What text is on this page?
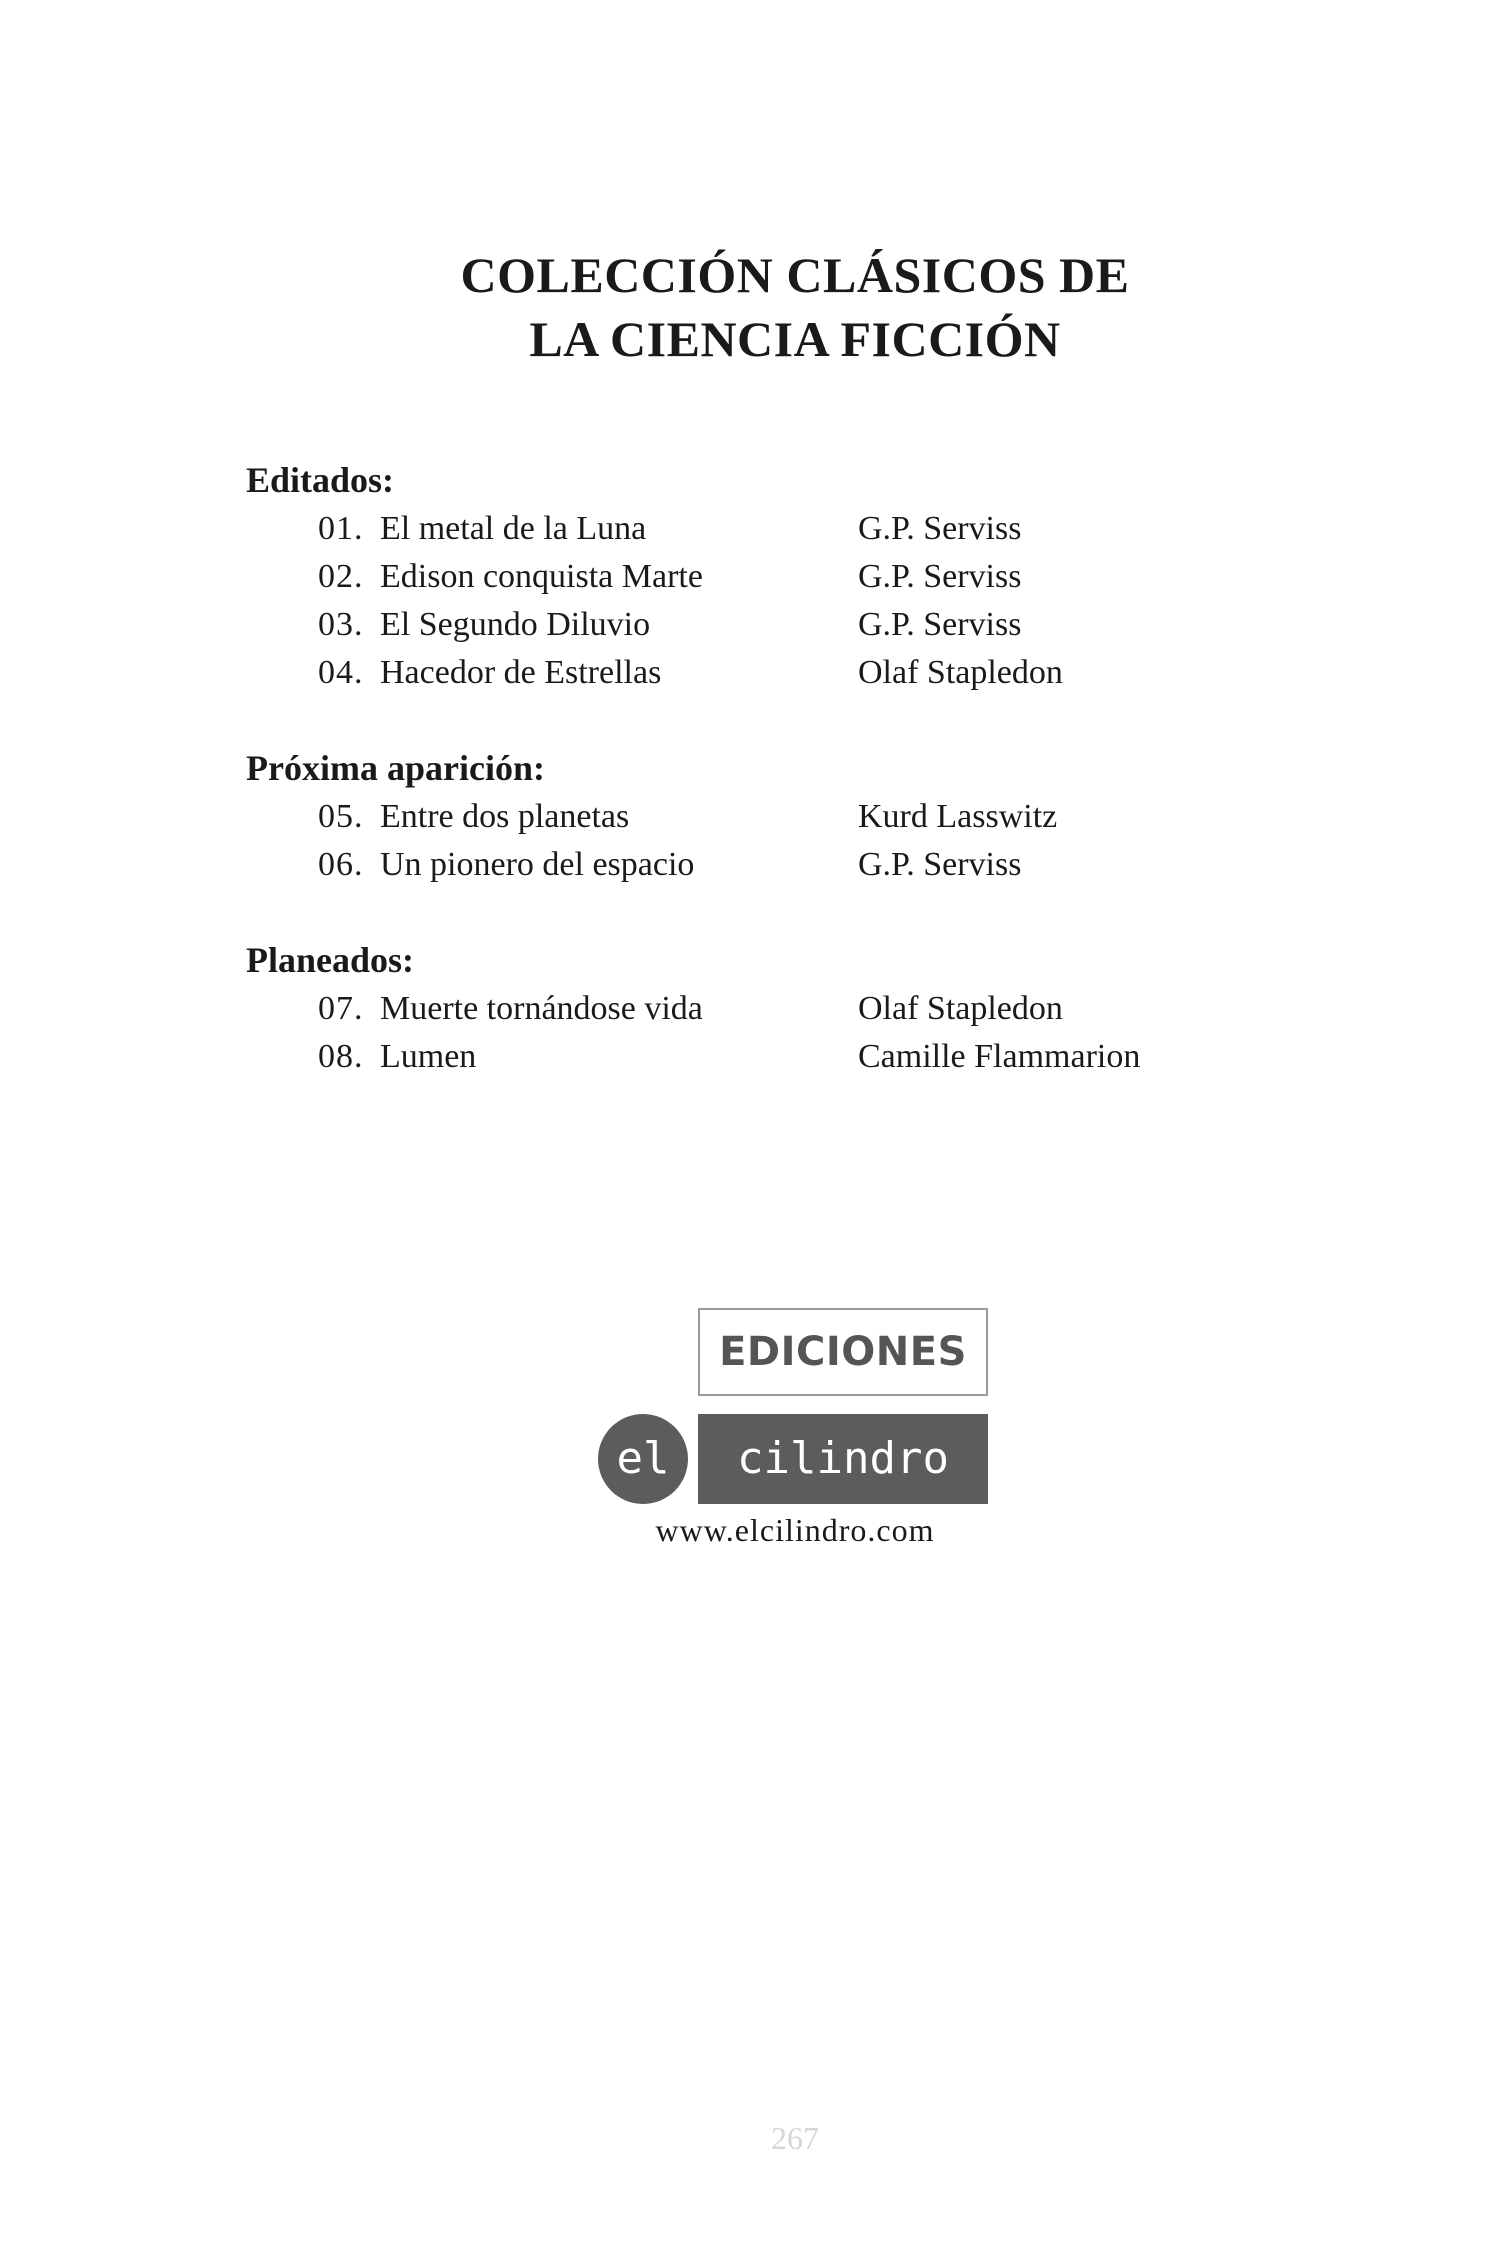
COLECCIÓN CLÁSICOS DE
LA CIENCIA FICCIÓN
Editados:
01. El metal de la Luna	G.P. Serviss
02. Edison conquista Marte	G.P. Serviss
03. El Segundo Diluvio	G.P. Serviss
04. Hacedor de Estrellas	Olaf Stapledon
Próxima aparición:
05. Entre dos planetas	Kurd Lasswitz
06. Un pionero del espacio	G.P. Serviss
Planeados:
07. Muerte tornándose vida	Olaf Stapledon
08. Lumen	Camille Flammarion
EDICIONES
el	cilindro
www.elcilindro.com
267
